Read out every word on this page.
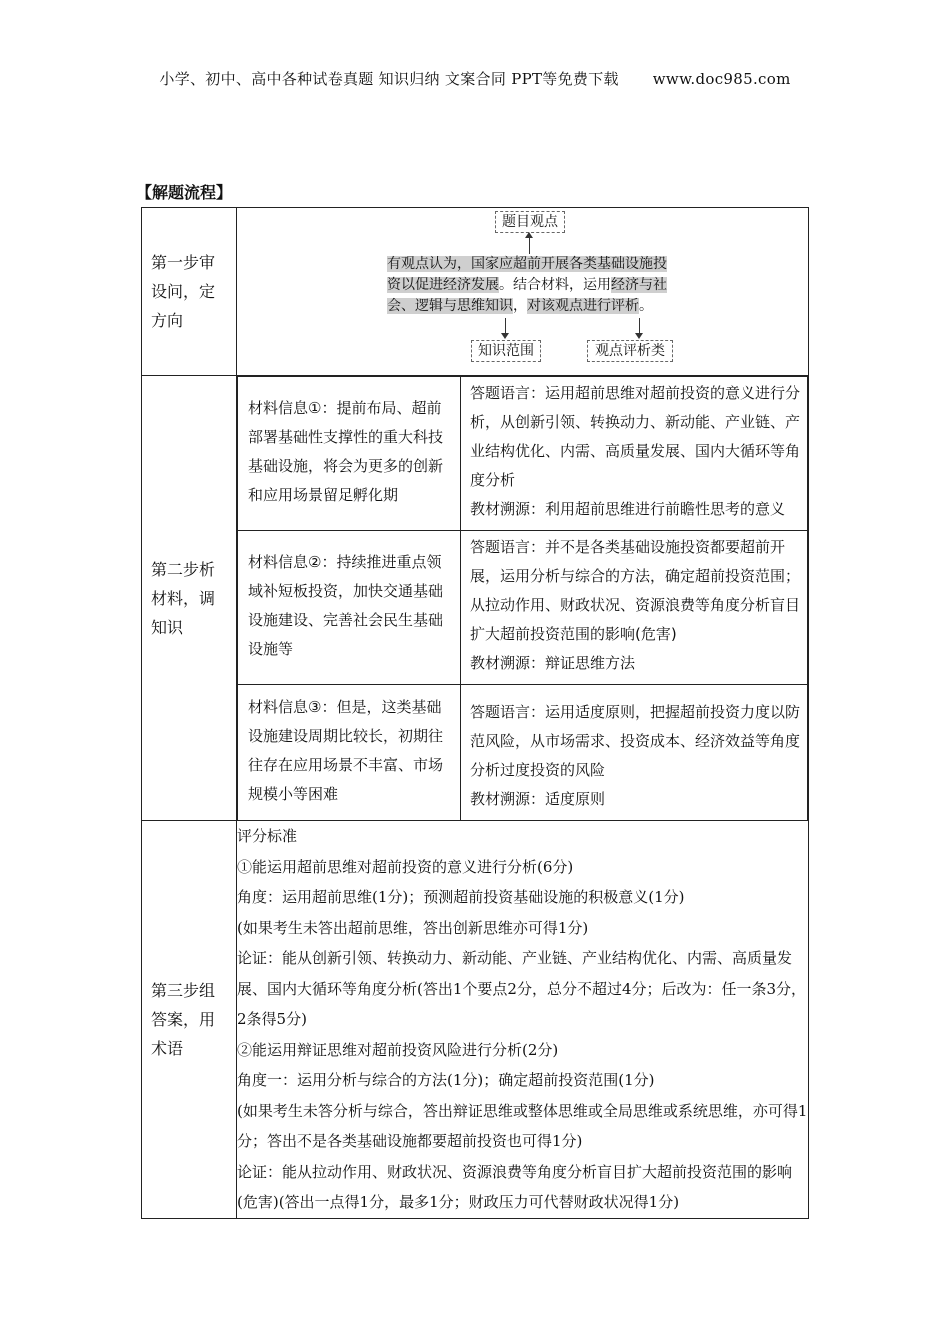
小学、初中、高中各种试卷真题 知识归纳 文案合同 PPT等免费下载 www.doc985.com
【解题流程】
第一步审设问，定方向	
题目观点
有观点认为，国家应超前开展各类基础设施投资以促进经济发展。结合材料，运用经济与社会、逻辑与思维知识，对该观点进行评析。
知识范围	观点评析类

第二步析材料，调知识	
材料信息①：提前布局、超前部署基础性支撑性的重大科技基础设施，将会为更多的创新和应用场景留足孵化期	
答题语言：运用超前思维对超前投资的意义进行分析，从创新引领、转换动力、新动能、产业链、产业结构优化、内需、高质量发展、国内大循环等角度分析
教材溯源：利用超前思维进行前瞻性思考的意义

材料信息②：持续推进重点领域补短板投资，加快交通基础设施建设、完善社会民生基础设施等	
答题语言：并不是各类基础设施投资都要超前开展，运用分析与综合的方法，确定超前投资范围；从拉动作用、财政状况、资源浪费等角度分析盲目扩大超前投资范围的影响(危害)
教材溯源：辩证思维方法

材料信息③：但是，这类基础设施建设周期比较长，初期往往存在应用场景不丰富、市场规模小等困难	
答题语言：运用适度原则，把握超前投资力度以防范风险，从市场需求、投资成本、经济效益等角度分析过度投资的风险
教材溯源：适度原则

第三步组答案，用术语	
评分标准
①能运用超前思维对超前投资的意义进行分析(6分)
角度：运用超前思维(1分)；预测超前投资基础设施的积极意义(1分)
(如果考生未答出超前思维，答出创新思维亦可得1分)
论证：能从创新引领、转换动力、新动能、产业链、产业结构优化、内需、高质量发展、国内大循环等角度分析(答出1个要点2分，总分不超过4分；后改为：任一条3分，2条得5分)
②能运用辩证思维对超前投资风险进行分析(2分)
角度一：运用分析与综合的方法(1分)；确定超前投资范围(1分)
(如果考生未答分析与综合，答出辩证思维或整体思维或全局思维或系统思维，亦可得1分；答出不是各类基础设施都要超前投资也可得1分)
论证：能从拉动作用、财政状况、资源浪费等角度分析盲目扩大超前投资范围的影响(危害)(答出一点得1分，最多1分；财政压力可代替财政状况得1分)
